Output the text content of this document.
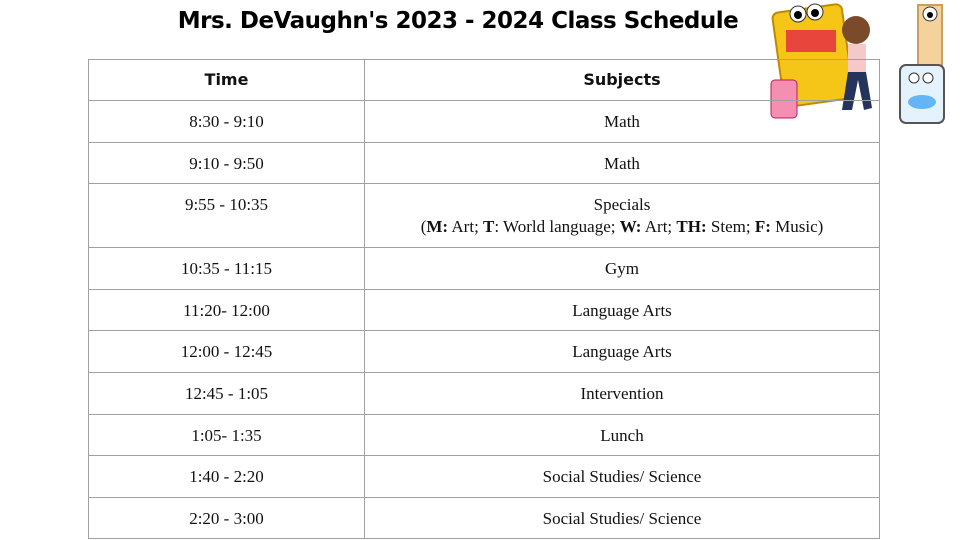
Mrs. DeVaughn's 2023 - 2024 Class Schedule
Time	Subjects
8:30 - 9:10	Math
9:10 - 9:50	Math
9:55 - 10:35	Specials
(M: Art; T: World language; W: Art; TH: Stem; F: Music)

10:35 - 11:15	Gym
11:20- 12:00	Language Arts
12:00 - 12:45	Language Arts
12:45 - 1:05	Intervention
1:05- 1:35	Lunch
1:40 - 2:20	Social Studies/ Science
2:20 - 3:00	Social Studies/ Science
